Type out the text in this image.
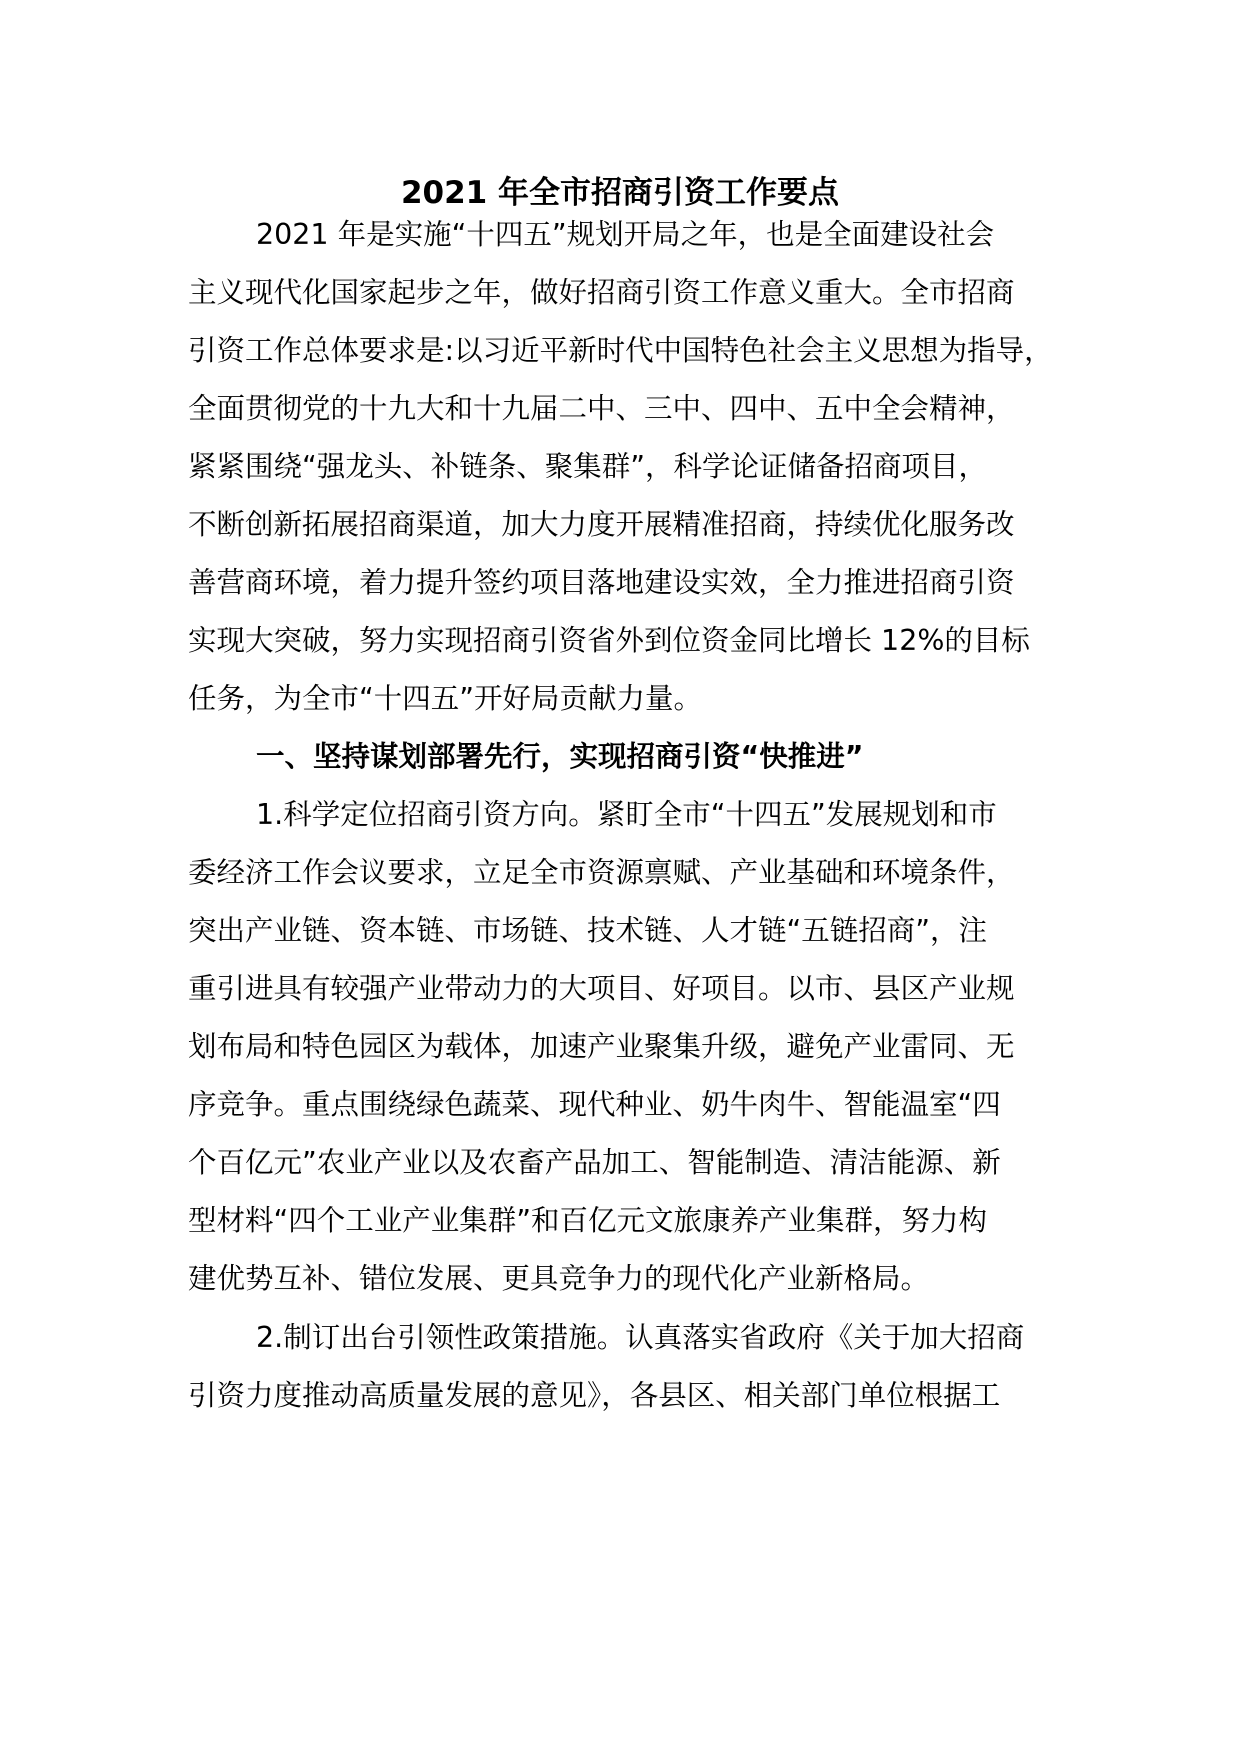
2021 年全市招商引资工作要点
2021 年是实施“十四五”规划开局之年，也是全面建设社会
主义现代化国家起步之年，做好招商引资工作意义重大。全市招商
引资工作总体要求是:以习近平新时代中国特色社会主义思想为指导，
全面贯彻党的十九大和十九届二中、三中、四中、五中全会精神，
紧紧围绕“强龙头、补链条、聚集群”，科学论证储备招商项目，
不断创新拓展招商渠道，加大力度开展精准招商，持续优化服务改
善营商环境，着力提升签约项目落地建设实效，全力推进招商引资
实现大突破，努力实现招商引资省外到位资金同比增长 12%的目标
任务，为全市“十四五”开好局贡献力量。
一、坚持谋划部署先行，实现招商引资“快推进”
1.科学定位招商引资方向。紧盯全市“十四五”发展规划和市
委经济工作会议要求，立足全市资源禀赋、产业基础和环境条件，
突出产业链、资本链、市场链、技术链、人才链“五链招商”，注
重引进具有较强产业带动力的大项目、好项目。以市、县区产业规
划布局和特色园区为载体，加速产业聚集升级，避免产业雷同、无
序竞争。重点围绕绿色蔬菜、现代种业、奶牛肉牛、智能温室“四
个百亿元”农业产业以及农畜产品加工、智能制造、清洁能源、新
型材料“四个工业产业集群”和百亿元文旅康养产业集群，努力构
建优势互补、错位发展、更具竞争力的现代化产业新格局。
2.制订出台引领性政策措施。认真落实省政府《关于加大招商
引资力度推动高质量发展的意见》，各县区、相关部门单位根据工
